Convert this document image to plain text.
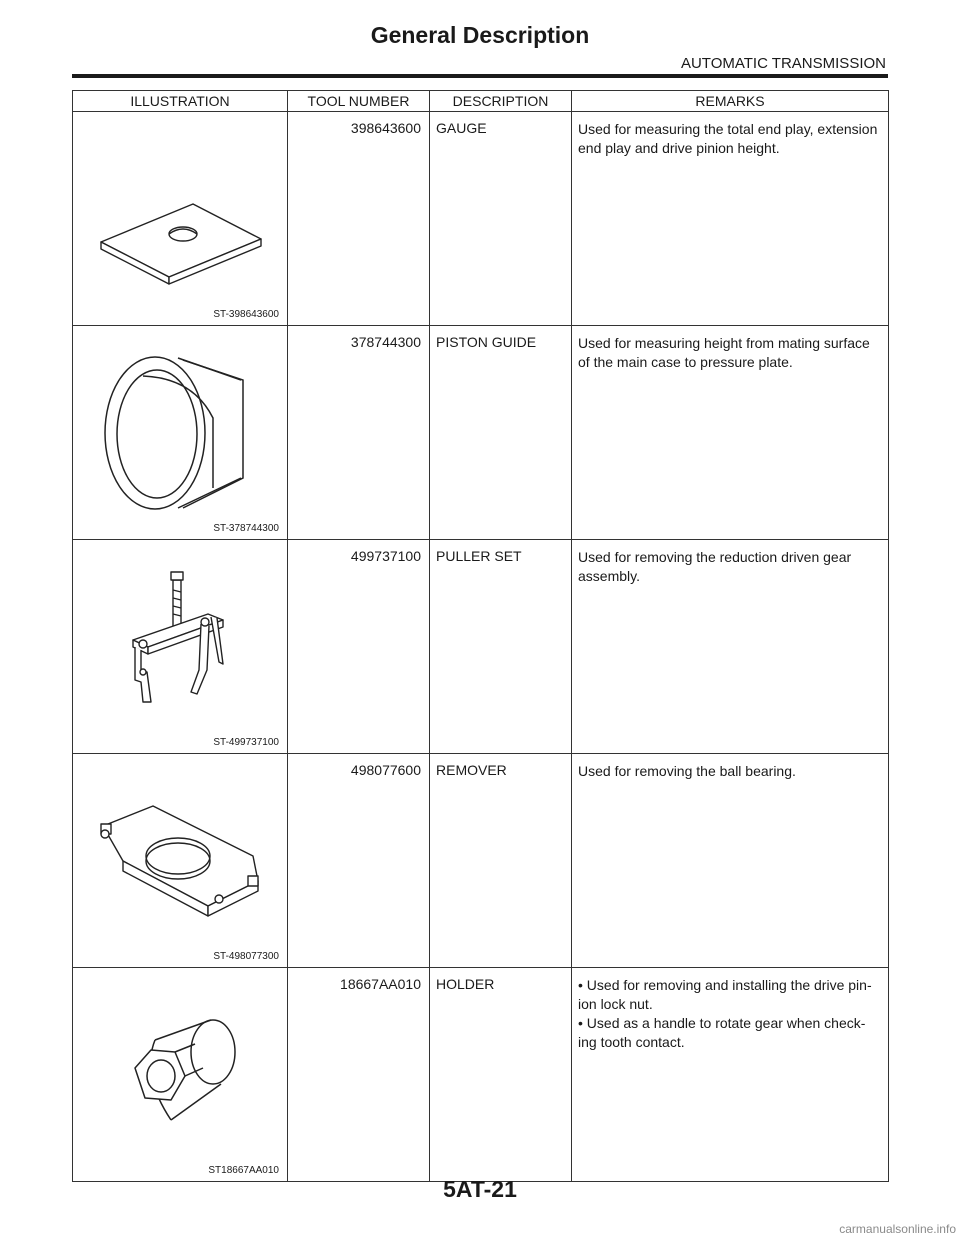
General Description
AUTOMATIC TRANSMISSION
ILLUSTRATION	TOOL NUMBER	DESCRIPTION	REMARKS

ST-398643600	398643600	GAUGE	Used for measuring the total end play, extension end play and drive pinion height.

ST-378744300	378744300	PISTON GUIDE	Used for measuring height from mating surface of the main case to pressure plate.

ST-499737100	499737100	PULLER SET	Used for removing the reduction driven gear assembly.

ST-498077300	498077600	REMOVER	Used for removing the ball bearing.

ST18667AA010	18667AA010	HOLDER	• Used for removing and installing the drive pin-ion lock nut.
• Used as a handle to rotate gear when check-ing tooth contact.
5AT-21
carmanualsonline.info
